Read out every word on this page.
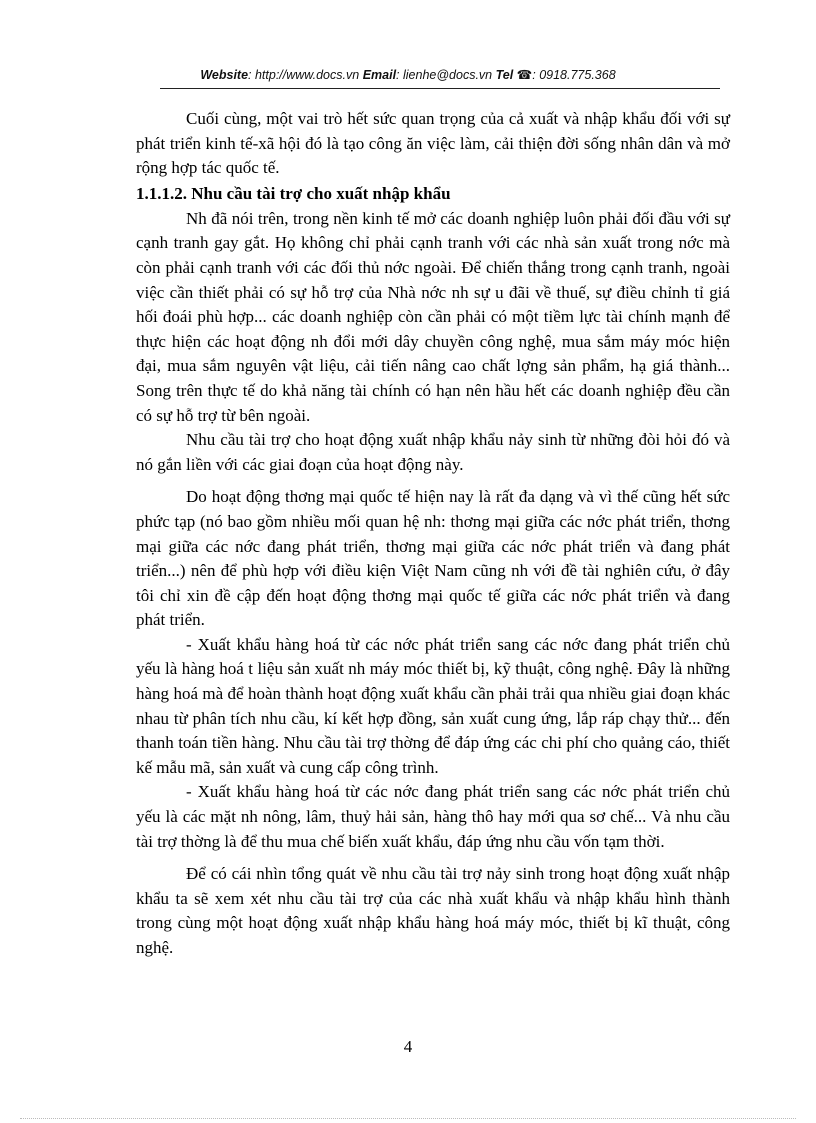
Website: http://www.docs.vn Email: lienhe@docs.vn Tel ☎: 0918.775.368

Cuối cùng, một vai trò hết sức quan trọng của cả xuất và nhập khẩu đối với sự phát triển kinh tế-xã hội đó là tạo công ăn việc làm, cải thiện đời sống nhân dân và mở rộng hợp tác quốc tế.

1.1.1.2. Nhu cầu tài trợ cho xuất nhập khẩu

Nh đã nói trên, trong nền kinh tế mở các doanh nghiệp luôn phải đối đầu với sự cạnh tranh gay gắt. Họ không chỉ phải cạnh tranh với các nhà sản xuất trong nớc mà còn phải cạnh tranh với các đối thủ nớc ngoài. Để chiến thắng trong cạnh tranh, ngoài việc cần thiết phải có sự hỗ trợ của Nhà nớc nh sự u đãi về thuế, sự điều chỉnh tỉ giá hối đoái phù hợp... các doanh nghiệp còn cần phải có một tiềm lực tài chính mạnh để thực hiện các hoạt động nh đổi mới dây chuyền công nghệ, mua sắm máy móc hiện đại, mua sắm nguyên vật liệu, cải tiến nâng cao chất lợng sản phẩm, hạ giá thành... Song trên thực tế do khả năng tài chính có hạn nên hầu hết các doanh nghiệp đều cần có sự hỗ trợ từ bên ngoài.

Nhu cầu tài trợ cho hoạt động xuất nhập khẩu nảy sinh từ những đòi hỏi đó và nó gắn liền với các giai đoạn của hoạt động này.

Do hoạt động thơng mại quốc tế hiện nay là rất đa dạng và vì thế cũng hết sức phức tạp (nó bao gồm nhiều mối quan hệ nh: thơng mại giữa các nớc phát triển, thơng mại giữa các nớc đang phát triển, thơng mại giữa các nớc phát triển và đang phát triển...) nên để phù hợp với điều kiện Việt Nam cũng nh với đề tài nghiên cứu, ở đây tôi chỉ xin đề cập đến hoạt động thơng mại quốc tế giữa các nớc phát triển và đang phát triển.

- Xuất khẩu hàng hoá từ các nớc phát triển sang các nớc đang phát triển chủ yếu là hàng hoá t liệu sản xuất nh máy móc thiết bị, kỹ thuật, công nghệ. Đây là những hàng hoá mà để hoàn thành hoạt động xuất khẩu cần phải trải qua nhiều giai đoạn khác nhau từ phân tích nhu cầu, kí kết hợp đồng, sản xuất cung ứng, lắp ráp chạy thử... đến thanh toán tiền hàng. Nhu cầu tài trợ thờng để đáp ứng các chi phí cho quảng cáo, thiết kế mẫu mã, sản xuất và cung cấp công trình.

- Xuất khẩu hàng hoá từ các nớc đang phát triển sang các nớc phát triển chủ yếu là các mặt nh nông, lâm, thuỷ hải sản, hàng thô hay mới qua sơ chế... Và nhu cầu tài trợ thờng là để thu mua chế biến xuất khẩu, đáp ứng nhu cầu vốn tạm thời.

Để có cái nhìn tổng quát về nhu cầu tài trợ nảy sinh trong hoạt động xuất nhập khẩu ta sẽ xem xét nhu cầu tài trợ của các nhà xuất khẩu và nhập khẩu hình thành trong cùng một hoạt động xuất nhập khẩu hàng hoá máy móc, thiết bị kĩ thuật, công nghệ.

4
